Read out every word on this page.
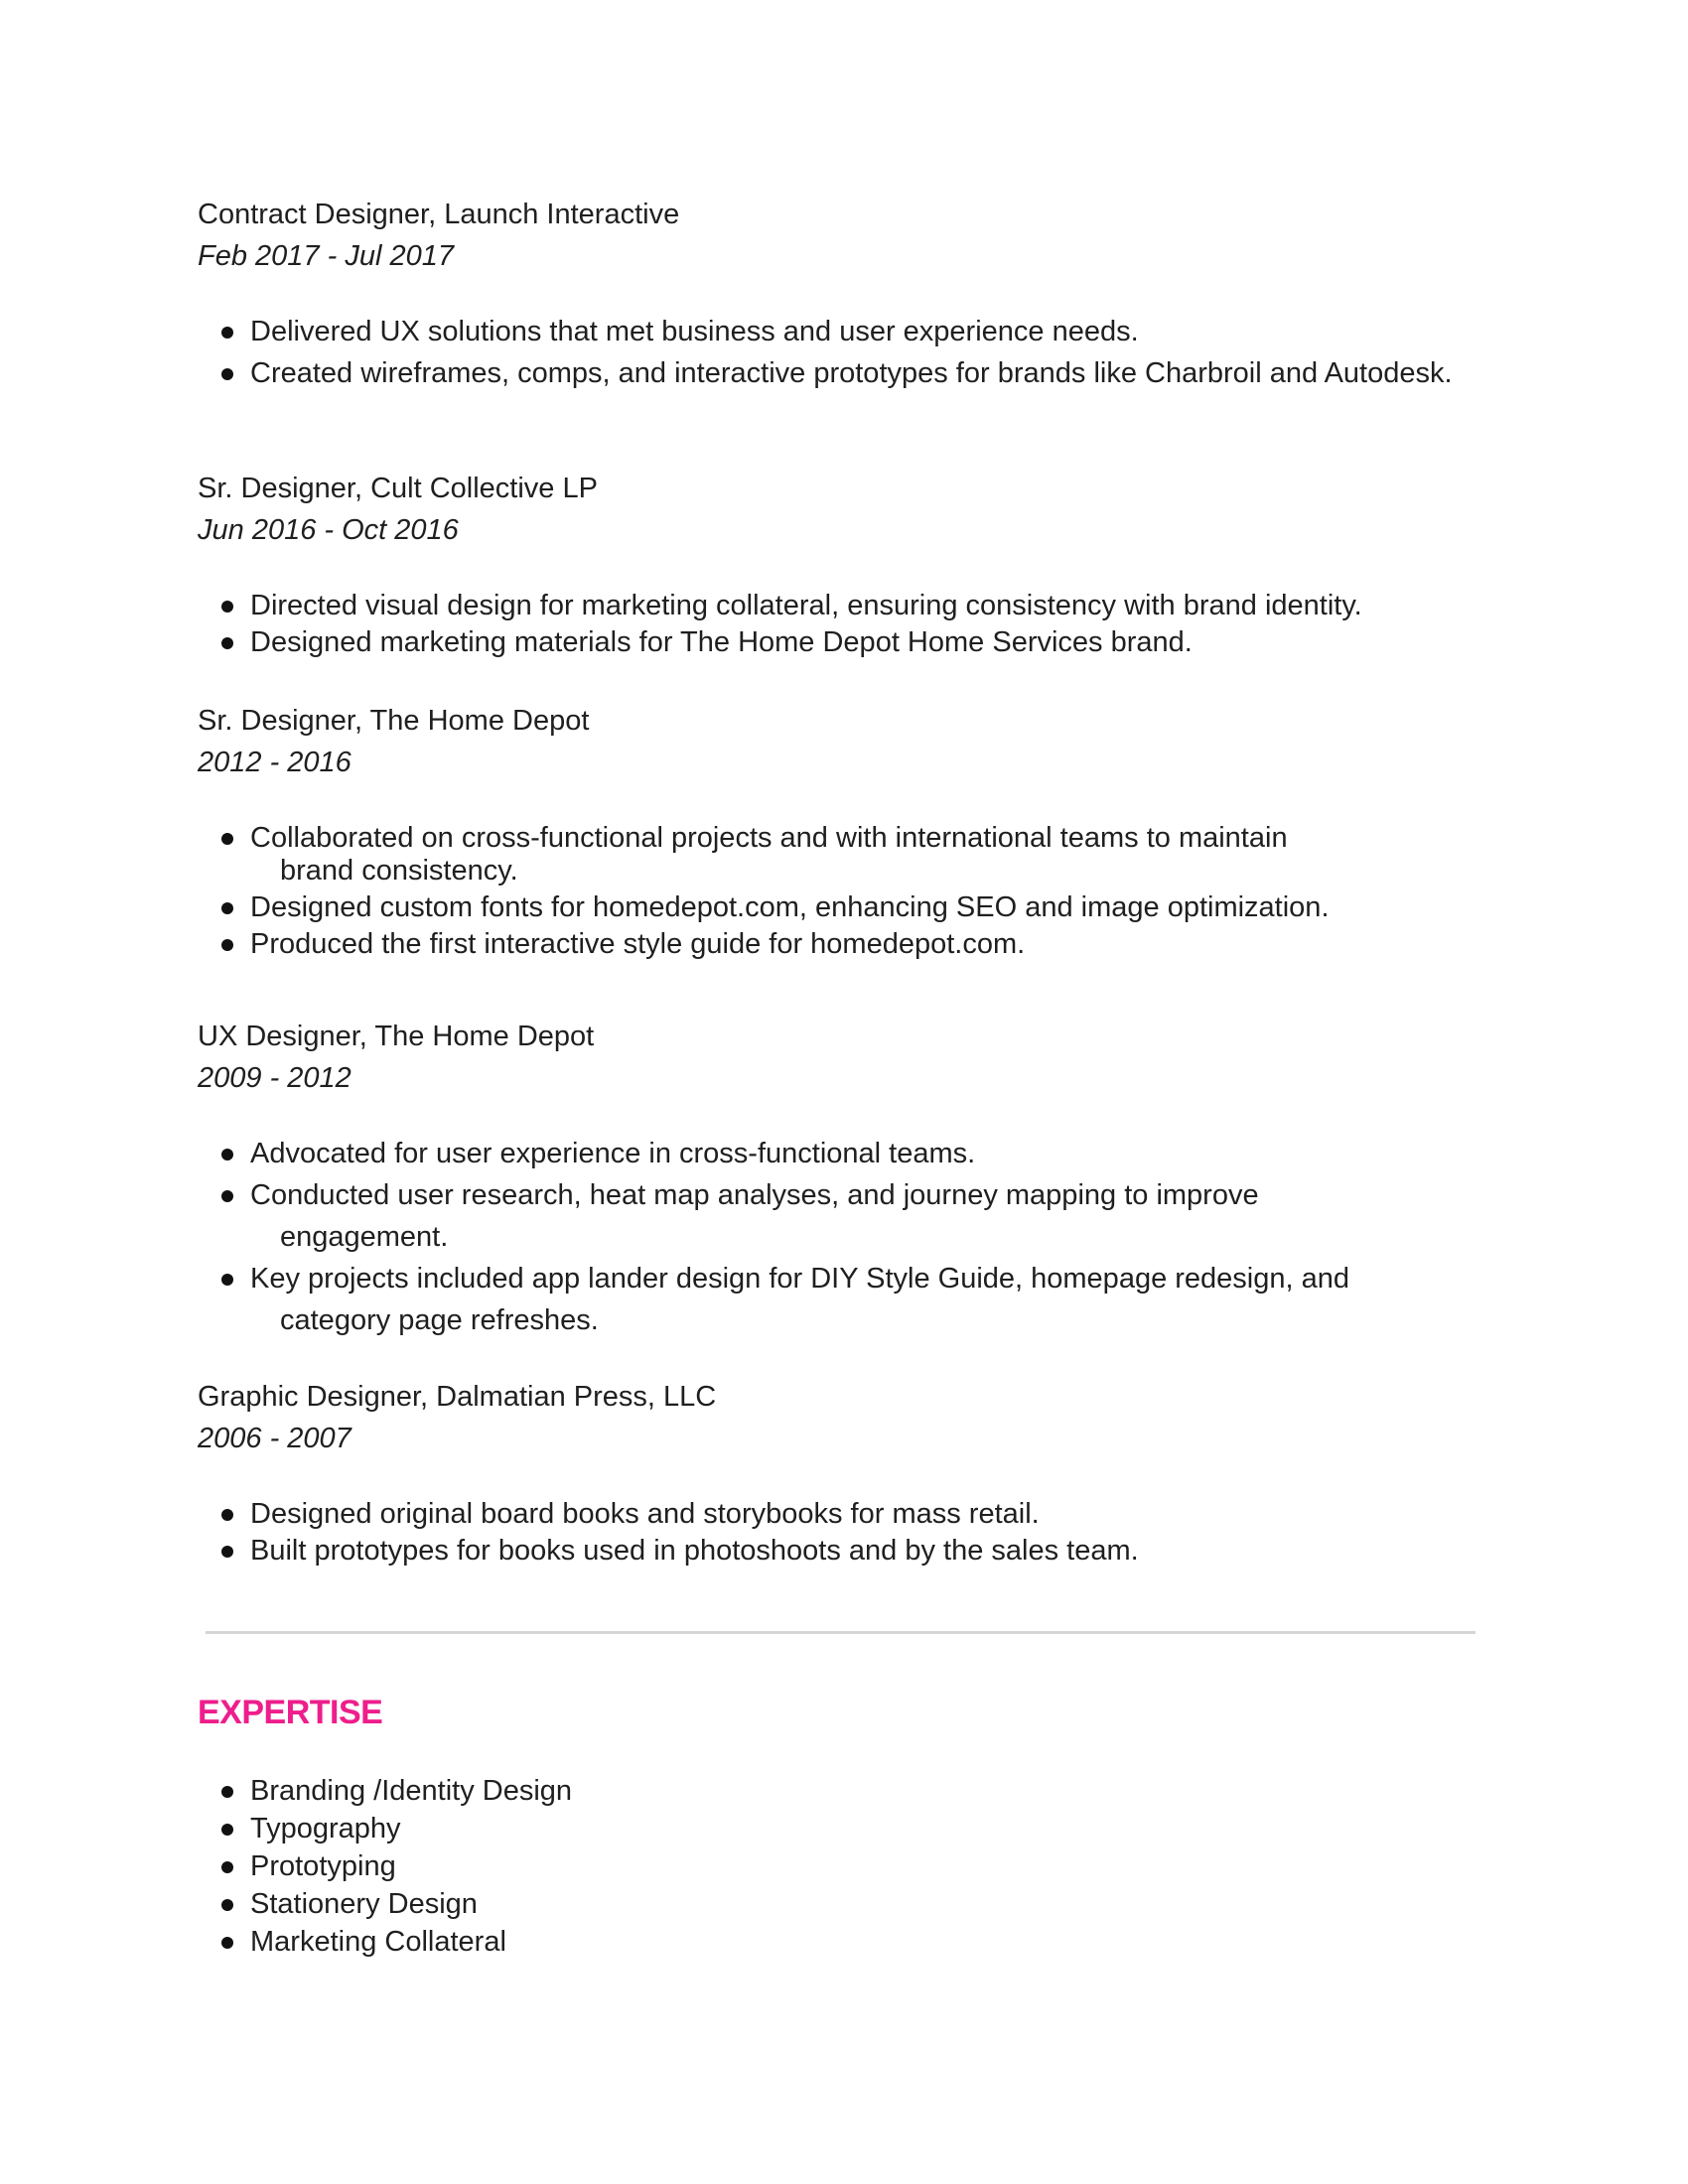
Contract Designer, Launch Interactive
Feb 2017 - Jul 2017
Delivered UX solutions that met business and user experience needs.
Created wireframes, comps, and interactive prototypes for brands like Charbroil and Autodesk.
Sr. Designer, Cult Collective LP
Jun 2016 - Oct 2016
Directed visual design for marketing collateral, ensuring consistency with brand identity.
Designed marketing materials for The Home Depot Home Services brand.
Sr. Designer, The Home Depot
2012 - 2016
Collaborated on cross-functional projects and with international teams to maintain
brand consistency.
Designed custom fonts for homedepot.com, enhancing SEO and image optimization.
Produced the first interactive style guide for homedepot.com.
UX Designer, The Home Depot
2009 - 2012
Advocated for user experience in cross-functional teams.
Conducted user research, heat map analyses, and journey mapping to improve
engagement.
Key projects included app lander design for DIY Style Guide, homepage redesign, and
category page refreshes.
Graphic Designer, Dalmatian Press, LLC
2006 - 2007
Designed original board books and storybooks for mass retail.
Built prototypes for books used in photoshoots and by the sales team.
EXPERTISE
Branding /Identity Design
Typography
Prototyping
Stationery Design
Marketing Collateral
